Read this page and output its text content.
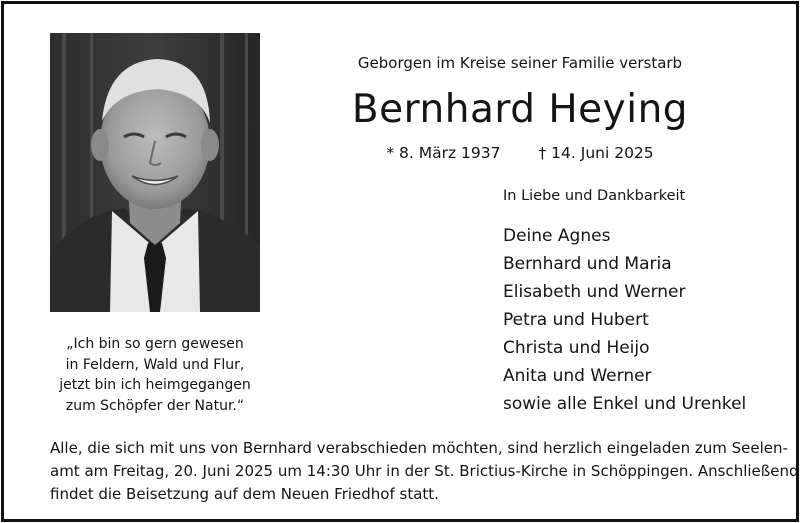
„Ich bin so gern gewesen
in Feldern, Wald und Flur,
jetzt bin ich heimgegangen
zum Schöpfer der Natur.“
Geborgen im Kreise seiner Familie verstarb
Bernhard Heying
* 8. März 1937 † 14. Juni 2025
In Liebe und Dankbarkeit
Deine Agnes
Bernhard und Maria
Elisabeth und Werner
Petra und Hubert
Christa und Heijo
Anita und Werner
sowie alle Enkel und Urenkel
Alle, die sich mit uns von Bernhard verabschieden möchten, sind herzlich eingeladen zum Seelen-
amt am Freitag, 20. Juni 2025 um 14:30 Uhr in der St. Brictius-Kirche in Schöppingen. Anschließend
findet die Beisetzung auf dem Neuen Friedhof statt.
